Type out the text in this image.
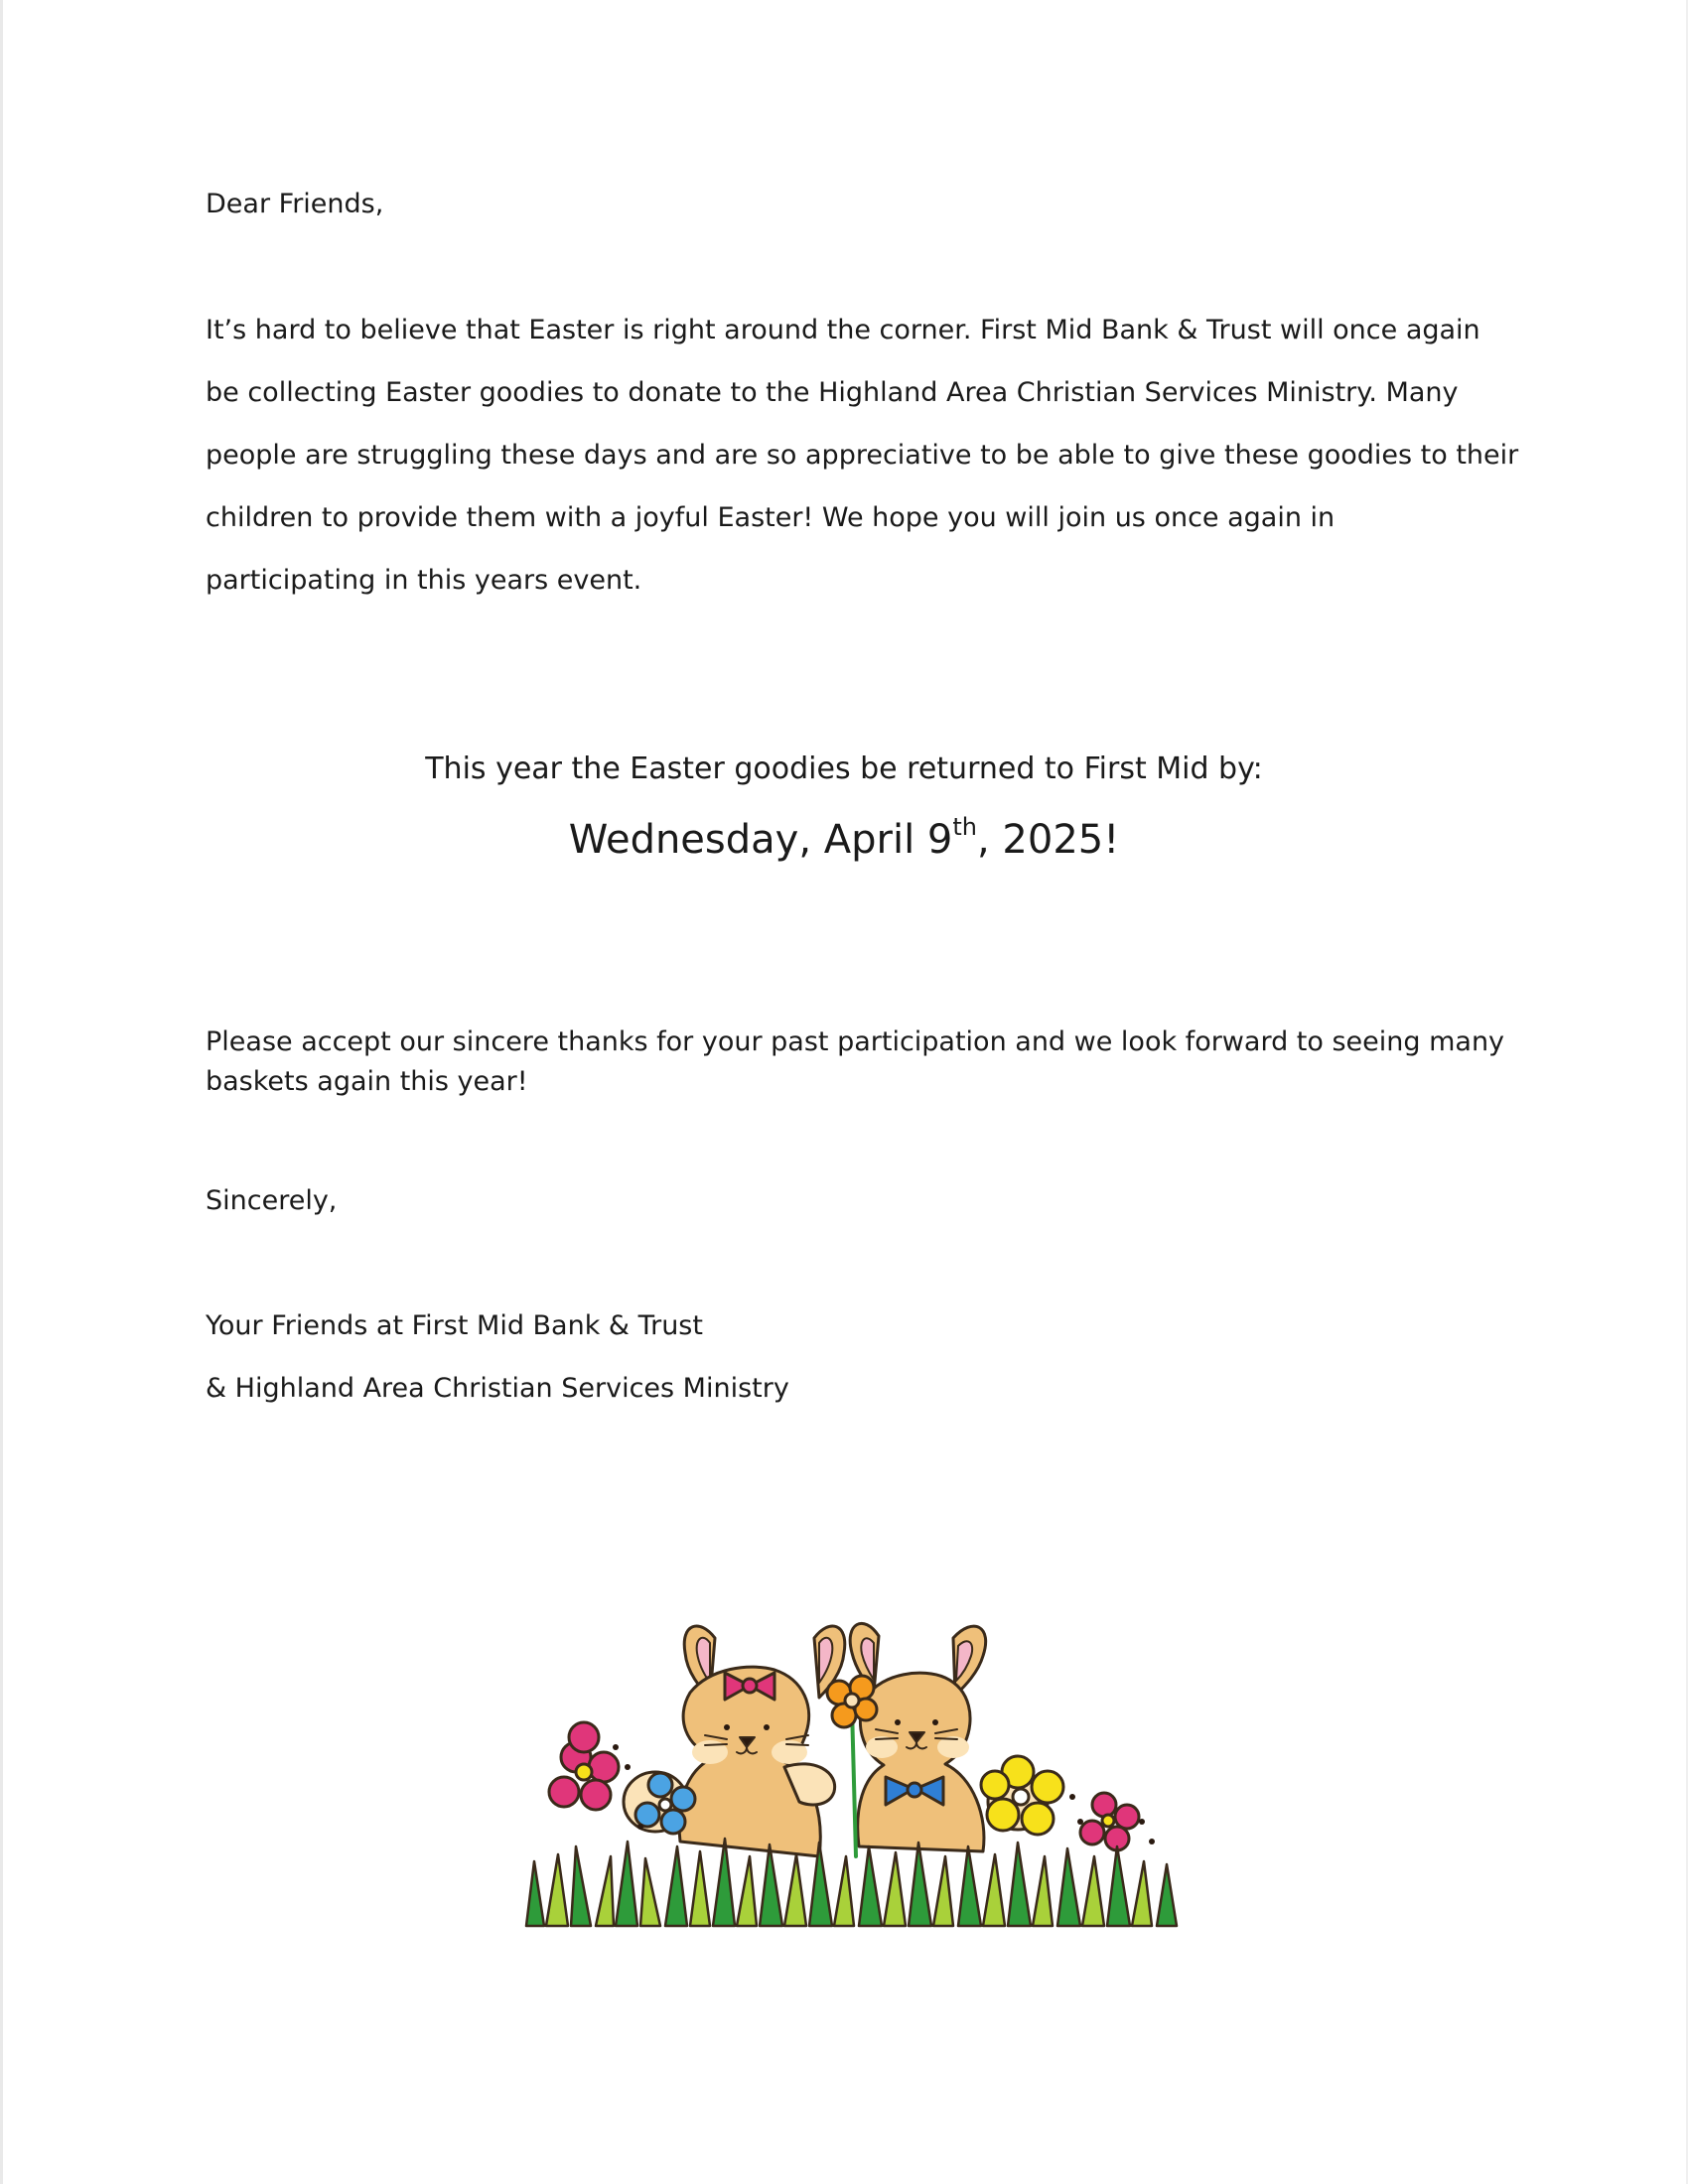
Dear Friends,
It’s hard to believe that Easter is right around the corner. First Mid Bank & Trust will once again
be collecting Easter goodies to donate to the Highland Area Christian Services Ministry. Many
people are struggling these days and are so appreciative to be able to give these goodies to their
children to provide them with a joyful Easter! We hope you will join us once again in
participating in this years event.
This year the Easter goodies be returned to First Mid by:
Wednesday, April 9th, 2025!
Please accept our sincere thanks for your past participation and we look forward to seeing many baskets again this year!
Sincerely,
Your Friends at First Mid Bank & Trust
& Highland Area Christian Services Ministry
